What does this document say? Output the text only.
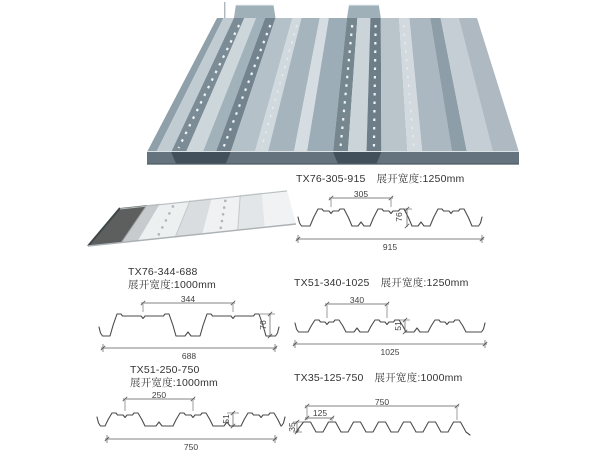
TX76-305-915 展开宽度:1250mm
TX76-344-688
展开宽度:1000mm	TX51-340-1025 展开宽度:1250mm
TX51-250-750
展开宽度:1000mm	TX35-125-750 展开宽度:1000mm
305
76
915
344
76
688
340
51
1025
250
51
750
750
125
35
